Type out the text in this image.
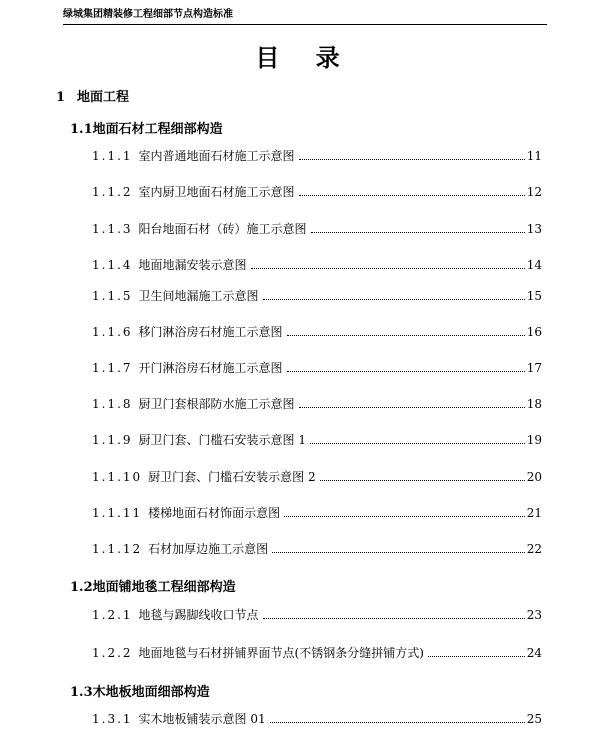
绿城集团精装修工程细部节点构造标准
目 录
1 地面工程
1.1地面石材工程细部构造
1.1.1 室内普通地面石材施工示意图	11
1.1.2 室内厨卫地面石材施工示意图	12
1.1.3 阳台地面石材（砖）施工示意图	13
1.1.4 地面地漏安装示意图	14
1.1.5 卫生间地漏施工示意图	15
1.1.6 移门淋浴房石材施工示意图	16
1.1.7 开门淋浴房石材施工示意图	17
1.1.8 厨卫门套根部防水施工示意图	18
1.1.9 厨卫门套、门槛石安装示意图 1	19
1.1.10 厨卫门套、门槛石安装示意图 2	20
1.1.11 楼梯地面石材饰面示意图	21
1.1.12 石材加厚边施工示意图	22
1.2地面铺地毯工程细部构造
1.2.1 地毯与踢脚线收口节点	23
1.2.2 地面地毯与石材拼铺界面节点(不锈钢条分缝拼铺方式)	24
1.3木地板地面细部构造
1.3.1 实木地板铺装示意图 01	25
